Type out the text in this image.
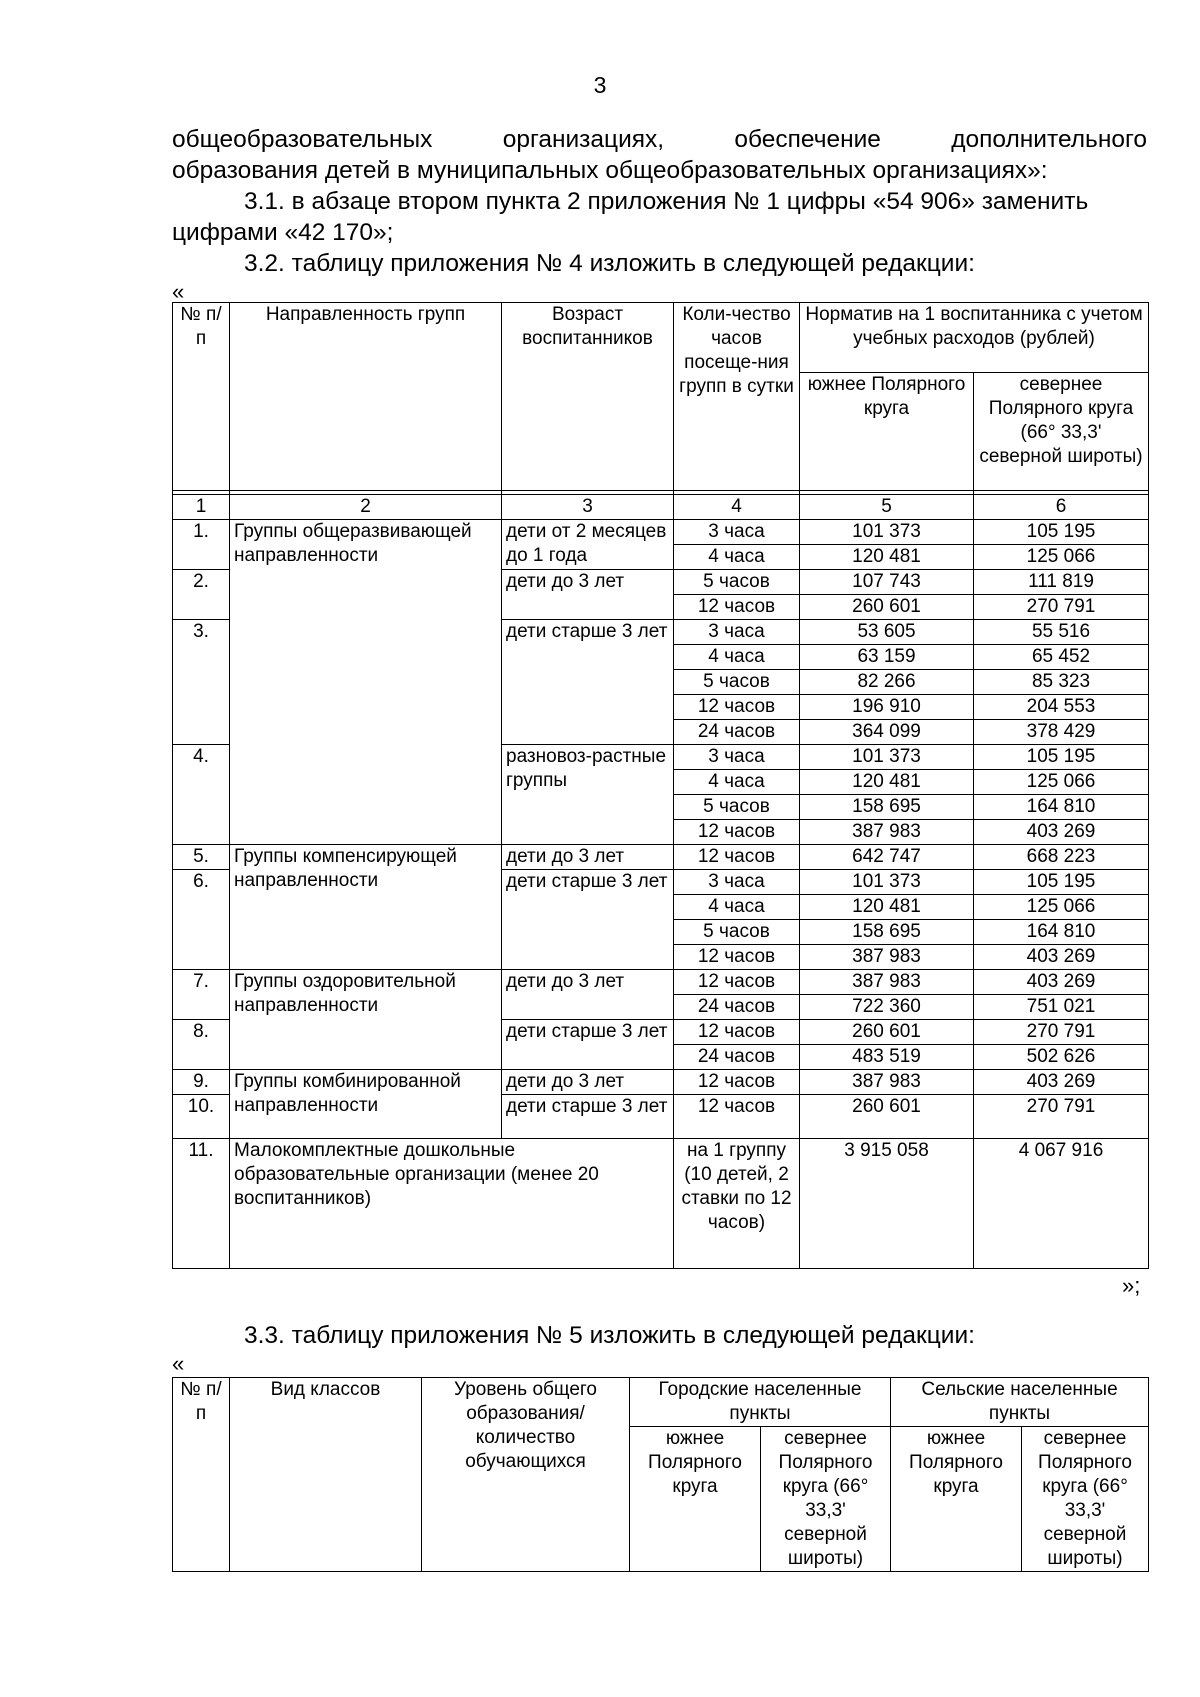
3
общеобразовательных организациях, обеспечение дополнительного
образования детей в муниципальных общеобразовательных организациях»:
3.1. в абзаце втором пункта 2 приложения № 1 цифры «54 906» заменить цифрами «42 170»;
3.2. таблицу приложения № 4 изложить в следующей редакции:
«
№ п/п	Направленность групп	Возраст воспитанников	Коли-чество часов посеще-ния групп в сутки	Норматив на 1 воспитанника с учетом учебных расходов (рублей)	
				южнее Полярного круга	севернее Полярного круга (66° 33,3' северной широты)

1	2	3	4	5	6
1.	Группы общеразвивающей направленности	дети от 2 месяцев до 1 года	3 часа	101 373	105 195
			4 часа	120 481	125 066
2.		дети до 3 лет	5 часов	107 743	111 819
			12 часов	260 601	270 791
3.		дети старше 3 лет	3 часа	53 605	55 516
			4 часа	63 159	65 452
			5 часов	82 266	85 323
			12 часов	196 910	204 553
			24 часов	364 099	378 429
4.		разновоз-растные группы	3 часа	101 373	105 195
			4 часа	120 481	125 066
			5 часов	158 695	164 810
			12 часов	387 983	403 269
5.	Группы компенсирующей направленности	дети до 3 лет	12 часов	642 747	668 223
6.		дети старше 3 лет	3 часа	101 373	105 195
			4 часа	120 481	125 066
			5 часов	158 695	164 810
			12 часов	387 983	403 269
7.	Группы оздоровительной направленности	дети до 3 лет	12 часов	387 983	403 269
			24 часов	722 360	751 021
8.		дети старше 3 лет	12 часов	260 601	270 791
			24 часов	483 519	502 626
9.	Группы комбинированной направленности	дети до 3 лет	12 часов	387 983	403 269
10.		дети старше 3 лет	12 часов	260 601	270 791
11.	Малокомплектные дошкольные образовательные организации (менее 20 воспитанников)		на 1 группу (10 детей, 2 ставки по 12 часов)	3 915 058	4 067 916
»;
3.3. таблицу приложения № 5 изложить в следующей редакции:
«
№ п/п	Вид классов	Уровень общего образования/ количество обучающихся	Городские населенные пункты		Сельские населенные пункты	
			южнее Полярного круга	севернее Полярного круга (66° 33,3' северной широты)	южнее Полярного круга	севернее Полярного круга (66° 33,3' северной широты)
